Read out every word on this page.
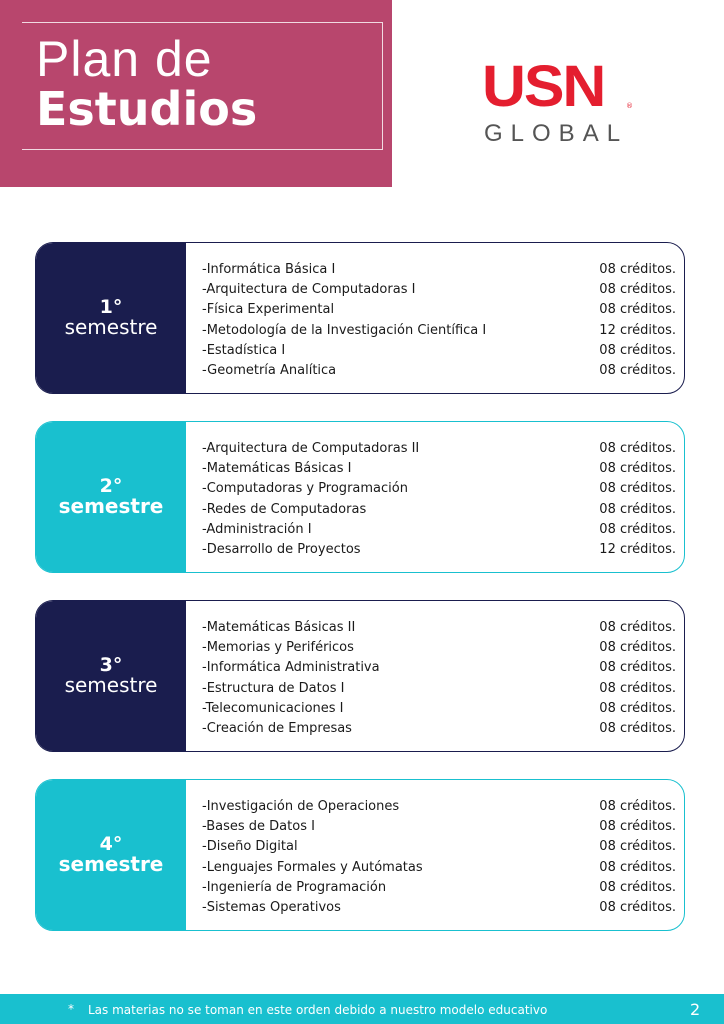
Plan de
Estudios	USN	®
GLOBAL
1°
semestre
-Informática Básica I	08 créditos.
-Arquitectura de Computadoras I	08 créditos.
-Física Experimental	08 créditos.
-Metodología de la Investigación Científica I	12 créditos.
-Estadística I	08 créditos.
-Geometría Analítica	08 créditos.
2°
semestre
-Arquitectura de Computadoras II	08 créditos.
-Matemáticas Básicas I	08 créditos.
-Computadoras y Programación	08 créditos.
-Redes de Computadoras	08 créditos.
-Administración I	08 créditos.
-Desarrollo de Proyectos	12 créditos.
3°
semestre
-Matemáticas Básicas II	08 créditos.
-Memorias y Periféricos	08 créditos.
-Informática Administrativa	08 créditos.
-Estructura de Datos I	08 créditos.
-Telecomunicaciones I	08 créditos.
-Creación de Empresas	08 créditos.
4°
semestre
-Investigación de Operaciones	08 créditos.
-Bases de Datos I	08 créditos.
-Diseño Digital	08 créditos.
-Lenguajes Formales y Autómatas	08 créditos.
-Ingeniería de Programación	08 créditos.
-Sistemas Operativos	08 créditos.
* Las materias no se toman en este orden debido a nuestro modelo educativo	2
